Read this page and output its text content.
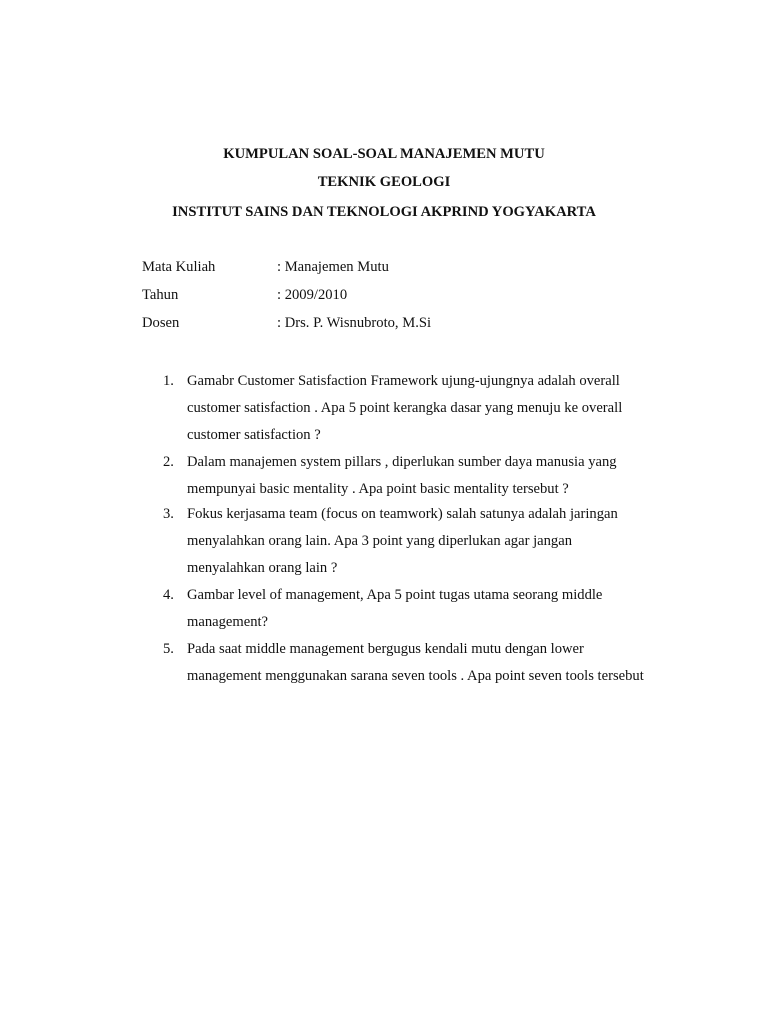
KUMPULAN SOAL-SOAL MANAJEMEN MUTU
TEKNIK GEOLOGI
INSTITUT SAINS DAN TEKNOLOGI AKPRIND YOGYAKARTA
Mata Kuliah	: Manajemen Mutu
Tahun	: 2009/2010
Dosen	: Drs. P. Wisnubroto, M.Si
1. Gamabr Customer Satisfaction Framework ujung-ujungnya adalah overall
customer satisfaction . Apa 5 point kerangka dasar yang menuju ke overall
customer satisfaction ?
2. Dalam manajemen system pillars , diperlukan sumber daya manusia yang
mempunyai basic mentality . Apa point basic mentality tersebut ?
3. Fokus kerjasama team (focus on teamwork) salah satunya adalah jaringan
menyalahkan orang lain. Apa 3 point yang diperlukan agar jangan
menyalahkan orang lain ?
4. Gambar level of management, Apa 5 point tugas utama seorang middle
management?
5. Pada saat middle management bergugus kendali mutu dengan lower
management menggunakan sarana seven tools . Apa point seven tools tersebut
